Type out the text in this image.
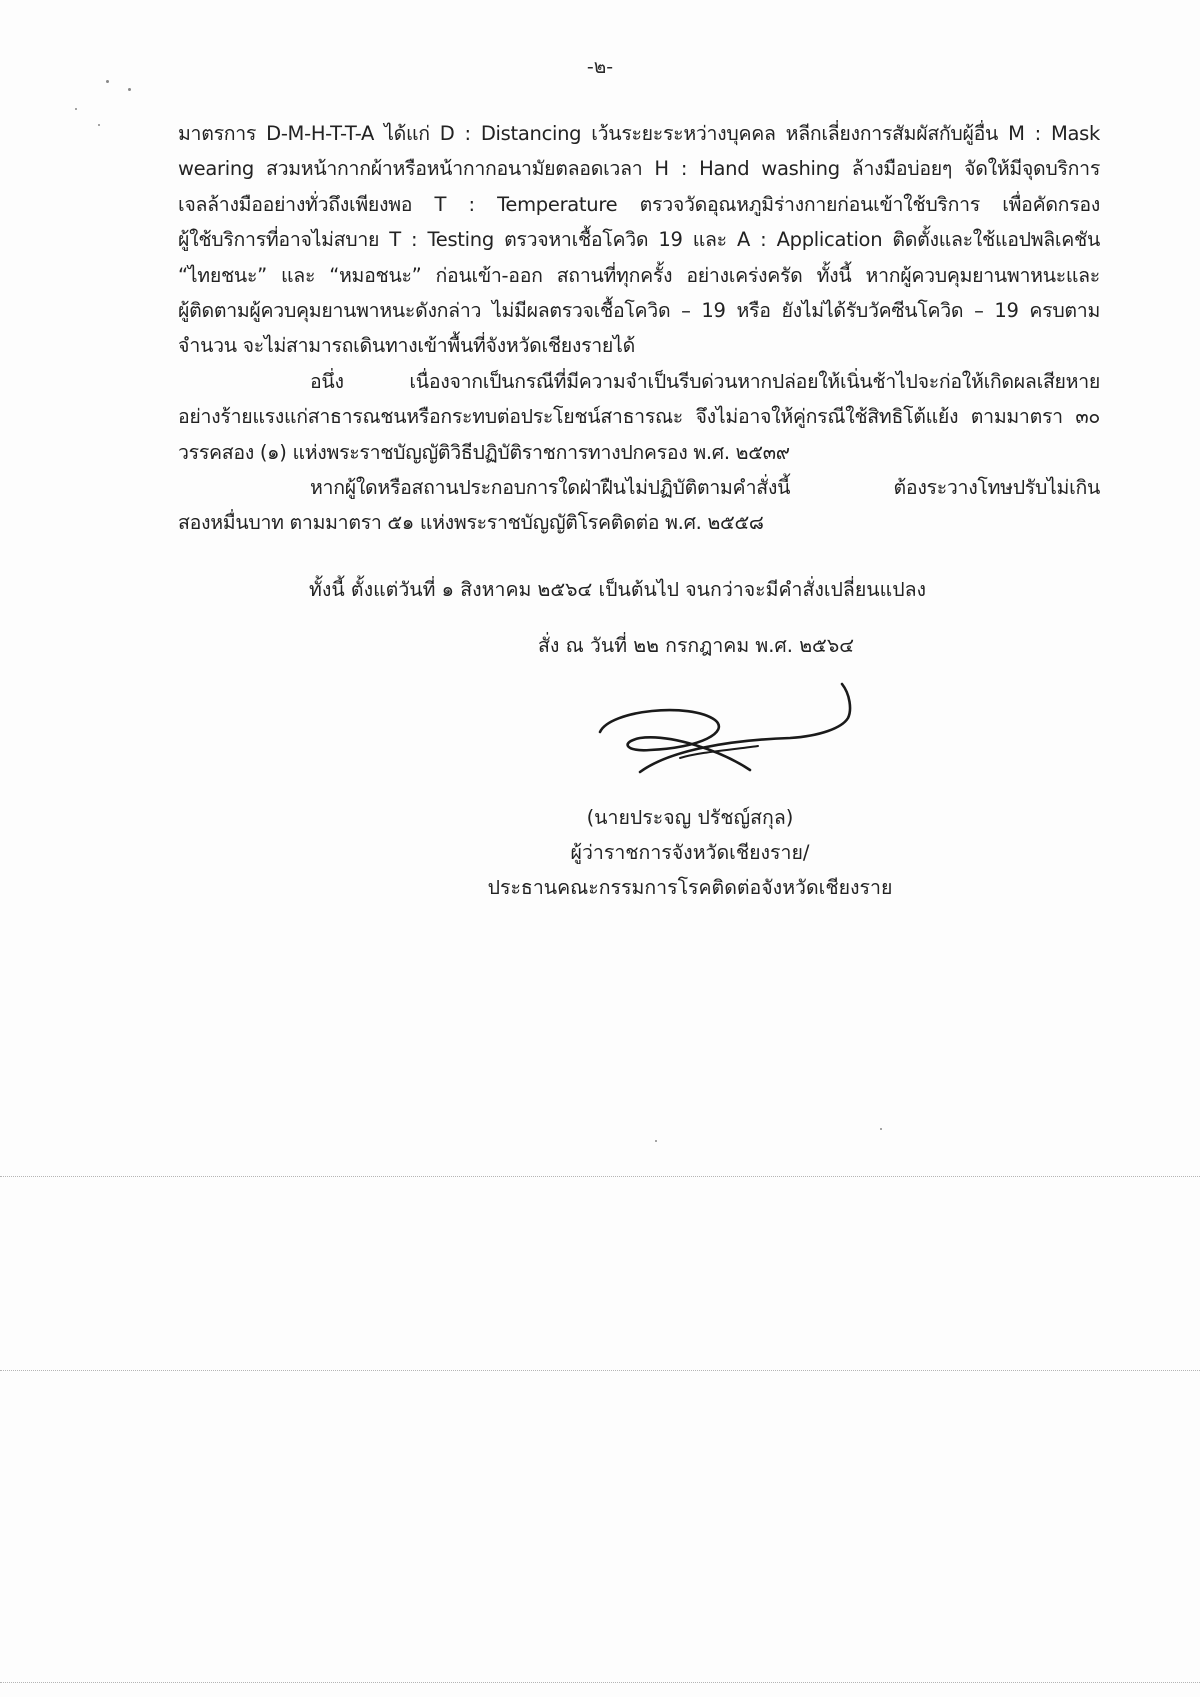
-๒-
มาตรการ D-M-H-T-T-A ได้แก่ D : Distancing เว้นระยะระหว่างบุคคล หลีกเลี่ยงการสัมผัสกับผู้อื่น M : Mask
wearing สวมหน้ากากผ้าหรือหน้ากากอนามัยตลอดเวลา H : Hand washing ล้างมือบ่อยๆ จัดให้มีจุดบริการ
เจลล้างมืออย่างทั่วถึงเพียงพอ T : Temperature ตรวจวัดอุณหภูมิร่างกายก่อนเข้าใช้บริการ เพื่อคัดกรอง
ผู้ใช้บริการที่อาจไม่สบาย T : Testing ตรวจหาเชื้อโควิด 19 และ A : Application ติดตั้งและใช้แอปพลิเคชัน
“ไทยชนะ” และ “หมอชนะ” ก่อนเข้า-ออก สถานที่ทุกครั้ง อย่างเคร่งครัด ทั้งนี้ หากผู้ควบคุมยานพาหนะและ
ผู้ติดตามผู้ควบคุมยานพาหนะดังกล่าว ไม่มีผลตรวจเชื้อโควิด – 19 หรือ ยังไม่ได้รับวัคซีนโควิด – 19 ครบตาม
จำนวน จะไม่สามารถเดินทางเข้าพื้นที่จังหวัดเชียงรายได้
อนึ่ง เนื่องจากเป็นกรณีที่มีความจำเป็นรีบด่วนหากปล่อยให้เนิ่นช้าไปจะก่อให้เกิดผลเสียหาย
อย่างร้ายแรงแก่สาธารณชนหรือกระทบต่อประโยชน์สาธารณะ จึงไม่อาจให้คู่กรณีใช้สิทธิโต้แย้ง ตามมาตรา ๓๐
วรรคสอง (๑) แห่งพระราชบัญญัติวิธีปฏิบัติราชการทางปกครอง พ.ศ. ๒๕๓๙
หากผู้ใดหรือสถานประกอบการใดฝ่าฝืนไม่ปฏิบัติตามคำสั่งนี้ ต้องระวางโทษปรับไม่เกิน
สองหมื่นบาท ตามมาตรา ๕๑ แห่งพระราชบัญญัติโรคติดต่อ พ.ศ. ๒๕๕๘
ทั้งนี้ ตั้งแต่วันที่ ๑ สิงหาคม ๒๕๖๔ เป็นต้นไป จนกว่าจะมีคำสั่งเปลี่ยนแปลง
สั่ง ณ วันที่ ๒๒ กรกฎาคม พ.ศ. ๒๕๖๔
(นายประจญ ปรัชญ์สกุล)
ผู้ว่าราชการจังหวัดเชียงราย/
ประธานคณะกรรมการโรคติดต่อจังหวัดเชียงราย
